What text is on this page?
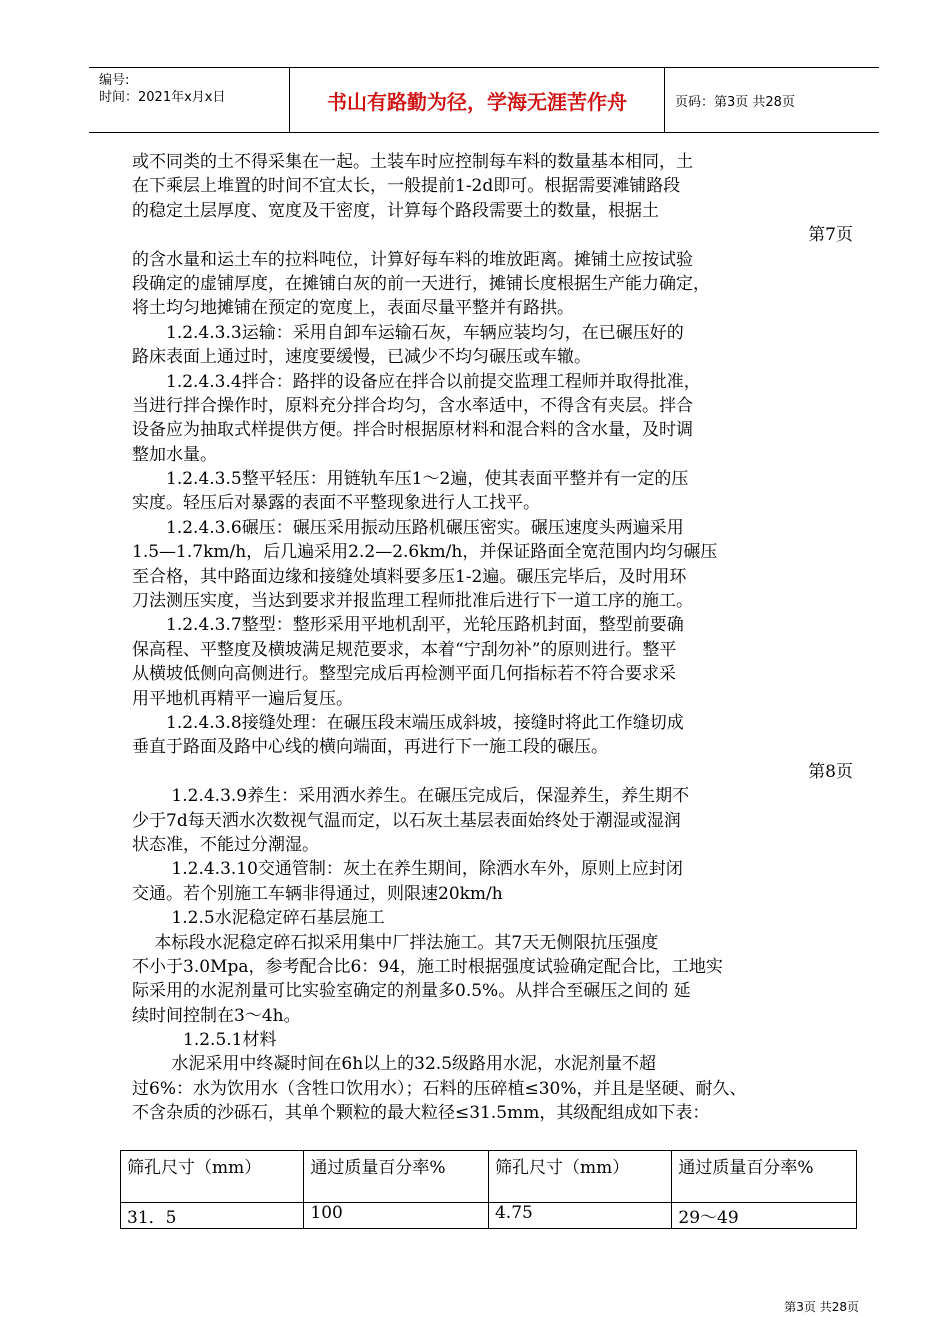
编号:
时间：2021年x月x日	书山有路勤为径，学海无涯苦作舟	页码：第3页 共28页
或不同类的土不得采集在一起。土装车时应控制每车料的数量基本相同，土
在下乘层上堆置的时间不宜太长，一般提前1-2d即可。根据需要滩铺路段
的稳定土层厚度、宽度及干密度，计算每个路段需要土的数量，根据土
第7页
的含水量和运土车的拉料吨位，计算好每车料的堆放距离。摊铺土应按试验
段确定的虚铺厚度，在摊铺白灰的前一天进行，摊铺长度根据生产能力确定，
将土均匀地摊铺在预定的宽度上，表面尽量平整并有路拱。
　　1.2.4.3.3运输：采用自卸车运输石灰，车辆应装均匀，在已碾压好的
路床表面上通过时，速度要缓慢，已减少不均匀碾压或车辙。
　　1.2.4.3.4拌合：路拌的设备应在拌合以前提交监理工程师并取得批准，
当进行拌合操作时，原料充分拌合均匀，含水率适中，不得含有夹层。拌合
设备应为抽取式样提供方便。拌合时根据原材料和混合料的含水量，及时调
整加水量。
　　1.2.4.3.5整平轻压：用链轨车压1～2遍，使其表面平整并有一定的压
实度。轻压后对暴露的表面不平整现象进行人工找平。
　　1.2.4.3.6碾压：碾压采用振动压路机碾压密实。碾压速度头两遍采用
1.5—1.7km/h，后几遍采用2.2—2.6km/h，并保证路面全宽范围内均匀碾压
至合格，其中路面边缘和接缝处填料要多压1-2遍。碾压完毕后，及时用环
刀法测压实度，当达到要求并报监理工程师批准后进行下一道工序的施工。
　　1.2.4.3.7整型：整形采用平地机刮平，光轮压路机封面，整型前要确
保高程、平整度及横坡满足规范要求，本着“宁刮勿补”的原则进行。整平
从横坡低侧向高侧进行。整型完成后再检测平面几何指标若不符合要求采
用平地机再精平一遍后复压。
　　1.2.4.3.8接缝处理：在碾压段末端压成斜坡，接缝时将此工作缝切成
垂直于路面及路中心线的横向端面，再进行下一施工段的碾压。
第8页
　　 1.2.4.3.9养生：采用洒水养生。在碾压完成后，保湿养生，养生期不
少于7d每天洒水次数视气温而定，以石灰土基层表面始终处于潮湿或湿润
状态准，不能过分潮湿。
　　 1.2.4.3.10交通管制：灰土在养生期间，除洒水车外，原则上应封闭
交通。若个别施工车辆非得通过，则限速20km/h
　　 1.2.5水泥稳定碎石基层施工
　 本标段水泥稳定碎石拟采用集中厂拌法施工。其7天无侧限抗压强度
不小于3.0Mpa，参考配合比6：94，施工时根据强度试验确定配合比，工地实
际采用的水泥剂量可比实验室确定的剂量多0.5%。从拌合至碾压之间的 延
续时间控制在3～4h。
　　　1.2.5.1材料
　　 水泥采用中终凝时间在6h以上的32.5级路用水泥，水泥剂量不超
过6%：水为饮用水（含牲口饮用水）；石料的压碎植≤30%，并且是坚硬、耐久、
不含杂质的沙砾石，其单个颗粒的最大粒径≤31.5mm，其级配组成如下表：
筛孔尺寸（mm）	通过质量百分率%	筛孔尺寸（mm）	通过质量百分率%
31．5	100	4.75	29～49
第3页 共28页
